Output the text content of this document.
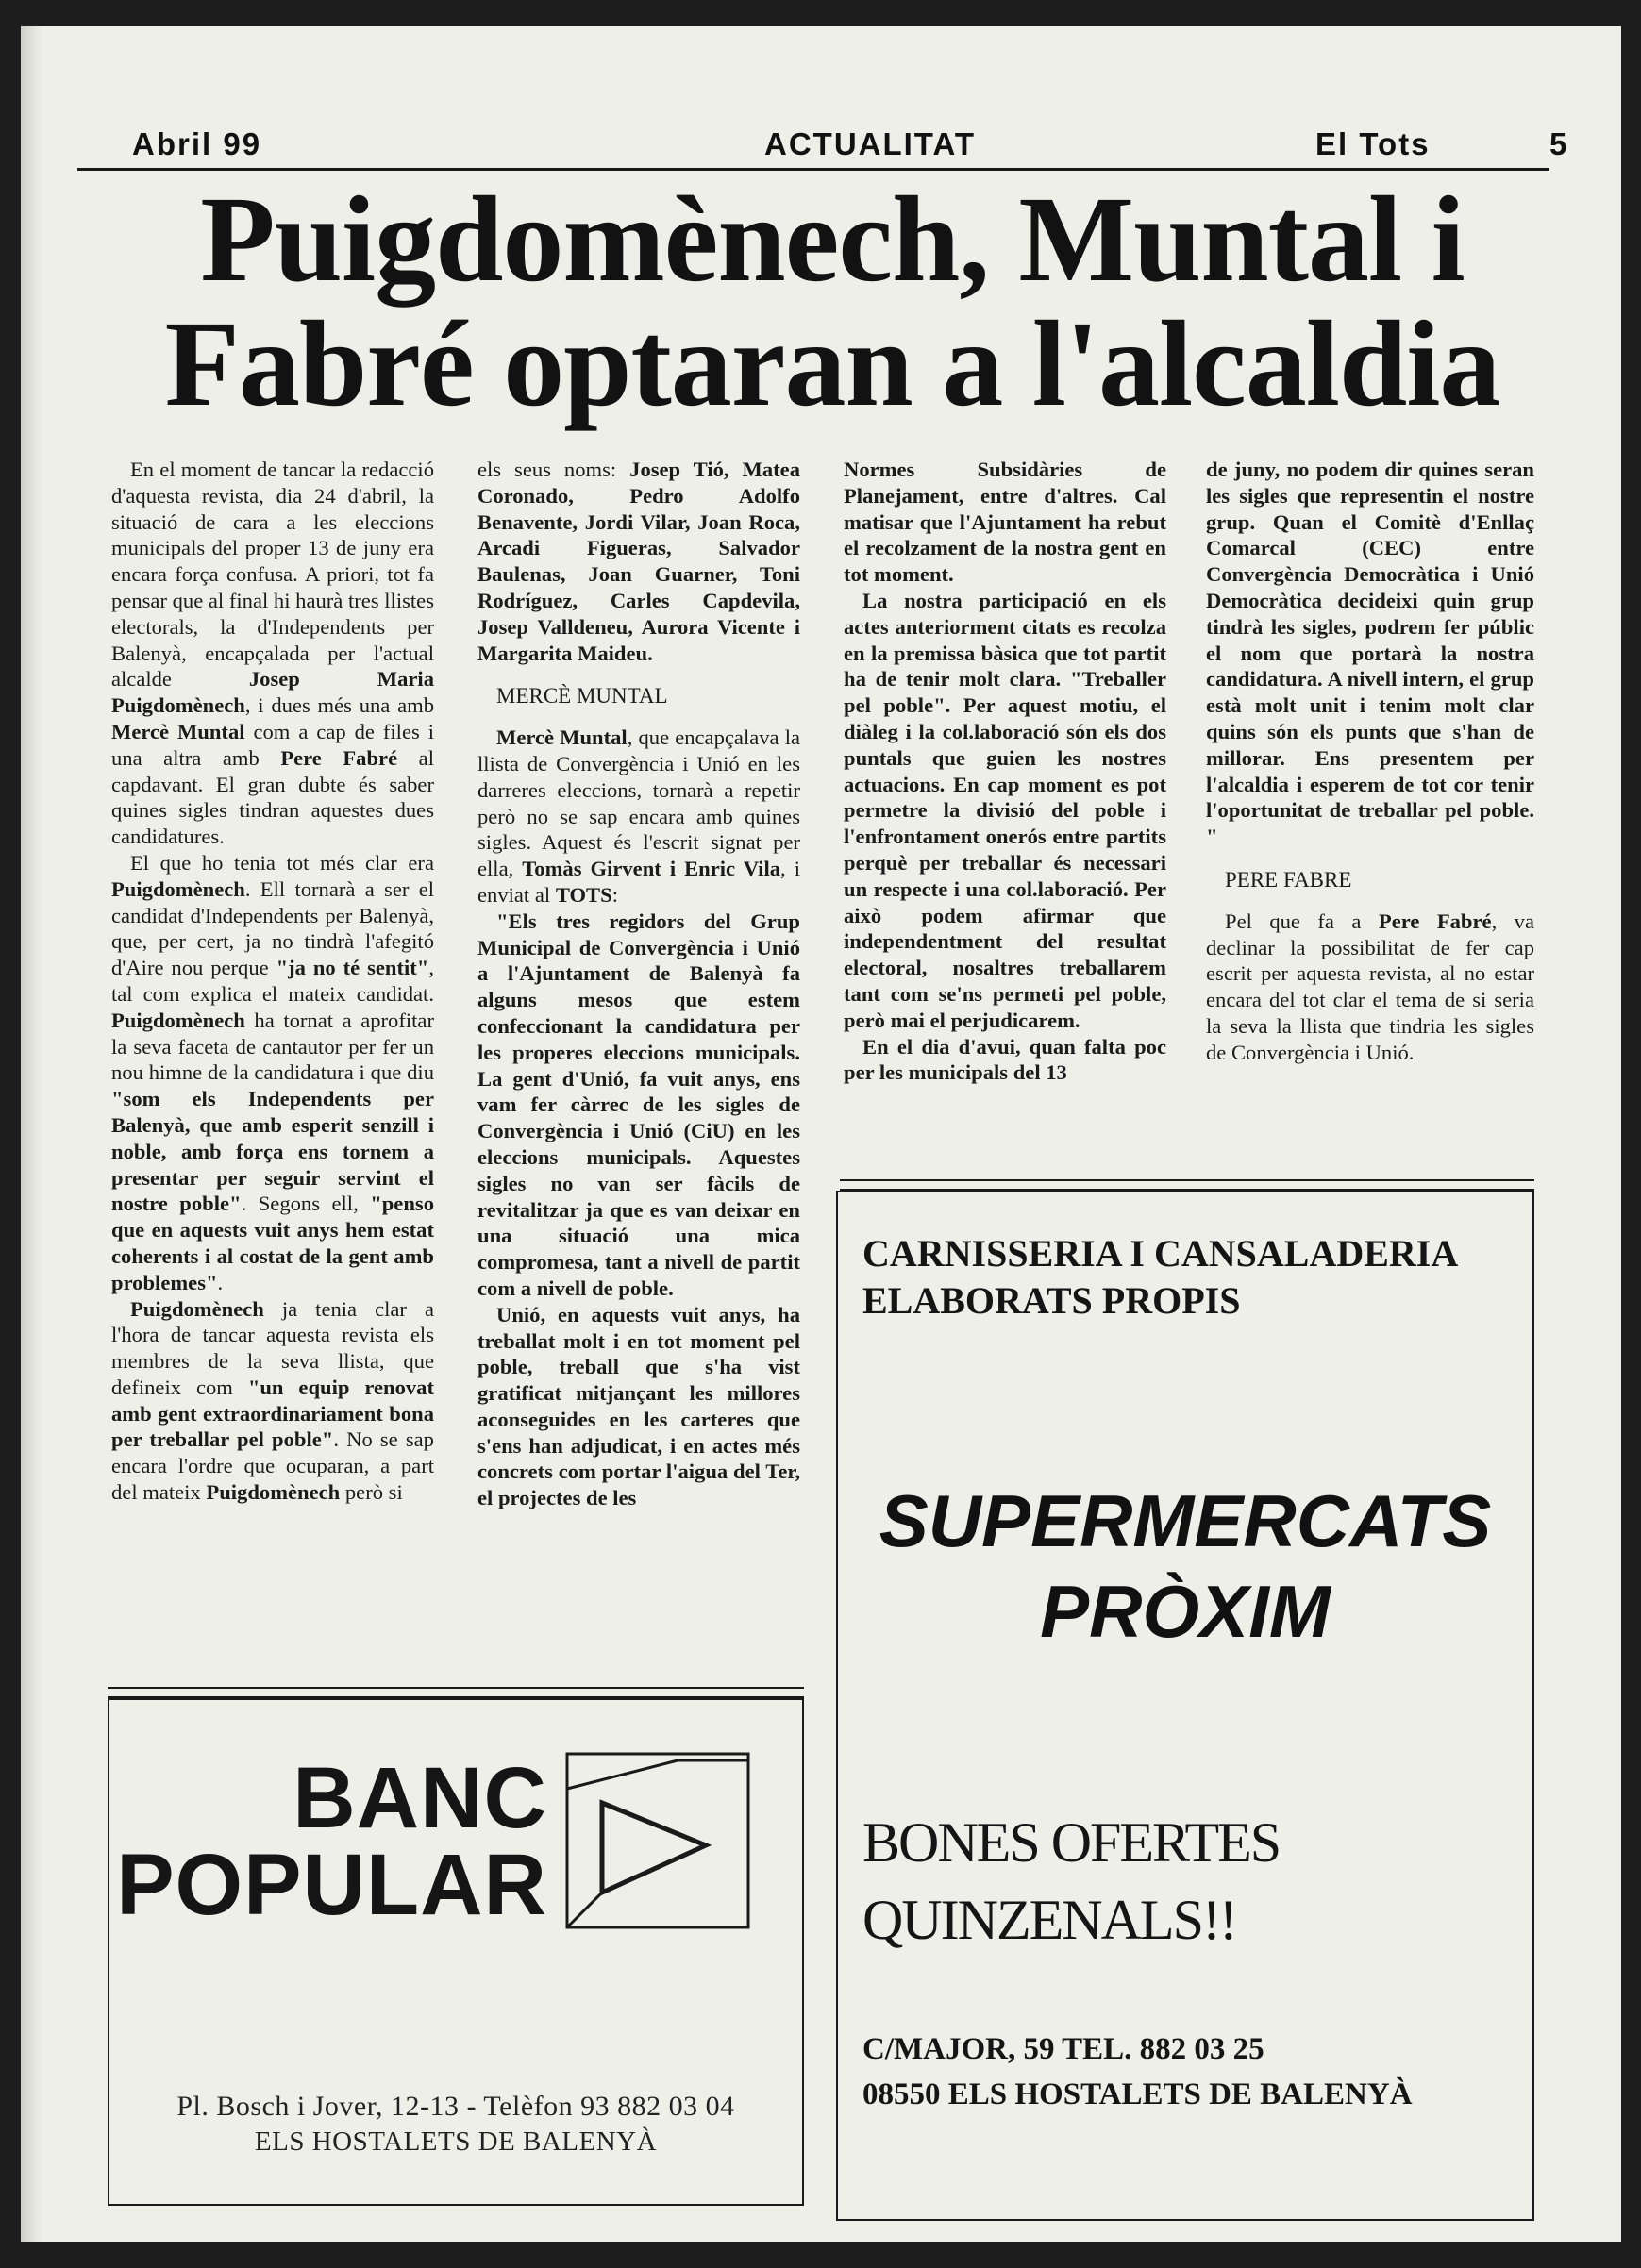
Abril 99	ACTUALITAT	El Tots	5
Puigdomènech, Muntal i
Fabré optaran a l'alcaldia

En el moment de tancar la redacció d'aquesta revista, dia 24 d'abril, la situació de cara a les eleccions municipals del proper 13 de juny era encara força confusa. A priori, tot fa pensar que al final hi haurà tres llistes electorals, la d'Independents per Balenyà, encapçalada per l'actual alcalde Josep Maria Puigdomènech, i dues més una amb Mercè Muntal com a cap de files i una altra amb Pere Fabré al capdavant. El gran dubte és saber quines sigles tindran aquestes dues candidatures.

El que ho tenia tot més clar era Puigdomènech. Ell tornarà a ser el candidat d'Independents per Balenyà, que, per cert, ja no tindrà l'afegitó d'Aire nou perque "ja no té sentit", tal com explica el mateix candidat. Puigdomènech ha tornat a aprofitar la seva faceta de cantautor per fer un nou himne de la candidatura i que diu "som els Independents per Balenyà, que amb esperit senzill i noble, amb força ens tornem a presentar per seguir servint el nostre poble". Segons ell, "penso que en aquests vuit anys hem estat coherents i al costat de la gent amb problemes".

Puigdomènech ja tenia clar a l'hora de tancar aquesta revista els membres de la seva llista, que defineix com "un equip renovat amb gent extraordinariament bona per treballar pel poble". No se sap encara l'ordre que ocuparan, a part del mateix Puigdomènech però si

els seus noms: Josep Tió, Matea Coronado, Pedro Adolfo Benavente, Jordi Vilar, Joan Roca, Arcadi Figueras, Salvador Baulenas, Joan Guarner, Toni Rodríguez, Carles Capdevila, Josep Valldeneu, Aurora Vicente i Margarita Maideu.

MERCÈ MUNTAL

Mercè Muntal, que encapçalava la llista de Convergència i Unió en les darreres eleccions, tornarà a repetir però no se sap encara amb quines sigles. Aquest és l'escrit signat per ella, Tomàs Girvent i Enric Vila, i enviat al TOTS:

"Els tres regidors del Grup Municipal de Convergència i Unió a l'Ajuntament de Balenyà fa alguns mesos que estem confeccionant la candidatura per les properes eleccions municipals. La gent d'Unió, fa vuit anys, ens vam fer càrrec de les sigles de Convergència i Unió (CiU) en les eleccions municipals. Aquestes sigles no van ser fàcils de revitalitzar ja que es van deixar en una situació una mica compromesa, tant a nivell de partit com a nivell de poble.

Unió, en aquests vuit anys, ha treballat molt i en tot moment pel poble, treball que s'ha vist gratificat mitjançant les millores aconseguides en les carteres que s'ens han adjudicat, i en actes més concrets com portar l'aigua del Ter, el projectes de les

Normes Subsidàries de Planejament, entre d'altres. Cal matisar que l'Ajuntament ha rebut el recolzament de la nostra gent en tot moment.

La nostra participació en els actes anteriorment citats es recolza en la premissa bàsica que tot partit ha de tenir molt clara. "Treballer pel poble". Per aquest motiu, el diàleg i la col.laboració són els dos puntals que guien les nostres actuacions. En cap moment es pot permetre la divisió del poble i l'enfrontament onerós entre partits perquè per treballar és necessari un respecte i una col.laboració. Per això podem afirmar que independentment del resultat electoral, nosaltres treballarem tant com se'ns permeti pel poble, però mai el perjudicarem.

En el dia d'avui, quan falta poc per les municipals del 13

de juny, no podem dir quines seran les sigles que representin el nostre grup. Quan el Comitè d'Enllaç Comarcal (CEC) entre Convergència Democràtica i Unió Democràtica decideixi quin grup tindrà les sigles, podrem fer públic el nom que portarà la nostra candidatura. A nivell intern, el grup està molt unit i tenim molt clar quins són els punts que s'han de millorar. Ens presentem per l'alcaldia i esperem de tot cor tenir l'oportunitat de treballar pel poble. "

PERE FABRE

Pel que fa a Pere Fabré, va declinar la possibilitat de fer cap escrit per aquesta revista, al no estar encara del tot clar el tema de si seria la seva la llista que tindria les sigles de Convergència i Unió.

BANC
POPULAR
Pl. Bosch i Jover, 12-13 - Telèfon 93 882 03 04
ELS HOSTALETS DE BALENYÀ
CARNISSERIA I CANSALADERIA
ELABORATS PROPIS
SUPERMERCATS
PRÒXIM
BONES OFERTES
QUINZENALS!!
C/MAJOR, 59 TEL. 882 03 25
08550 ELS HOSTALETS DE BALENYÀ
